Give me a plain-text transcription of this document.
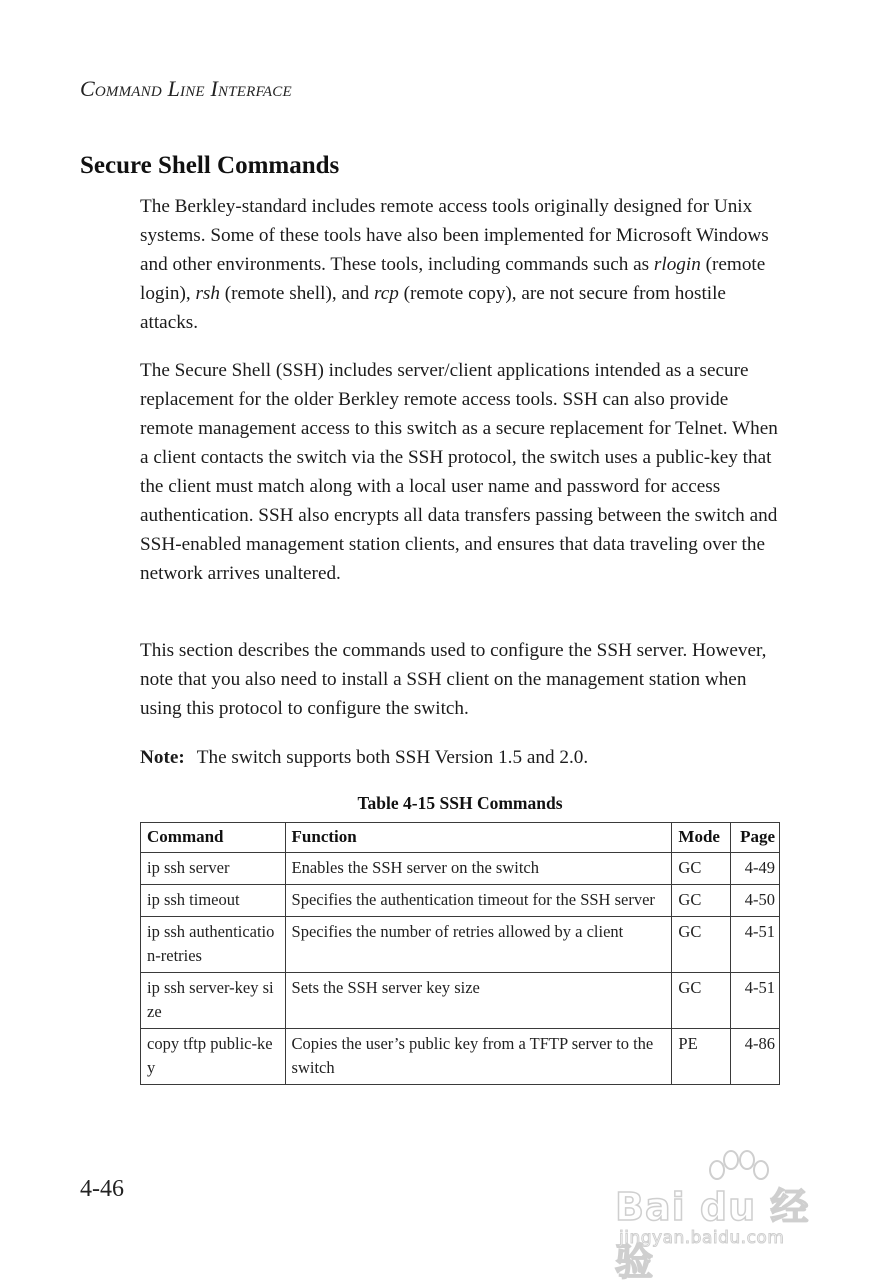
Command Line Interface
Secure Shell Commands

The Berkley-standard includes remote access tools originally designed for Unix systems. Some of these tools have also been implemented for Microsoft Windows and other environments. These tools, including commands such as rlogin (remote login), rsh (remote shell), and rcp (remote copy), are not secure from hostile attacks.

The Secure Shell (SSH) includes server/client applications intended as a secure replacement for the older Berkley remote access tools. SSH can also provide remote management access to this switch as a secure replacement for Telnet. When a client contacts the switch via the SSH protocol, the switch uses a public-key that the client must match along with a local user name and password for access authentication. SSH also encrypts all data transfers passing between the switch and SSH-enabled management station clients, and ensures that data traveling over the network arrives unaltered.

This section describes the commands used to configure the SSH server. However, note that you also need to install a SSH client on the management station when using this protocol to configure the switch.

Note: The switch supports both SSH Version 1.5 and 2.0.

Table 4-15 SSH Commands
Command	Function	Mode	Page
ip ssh server	Enables the SSH server on the switch	GC	4-49
ip ssh timeout	Specifies the authentication timeout for the SSH server	GC	4-50
ip ssh authentication-retries	Specifies the number of retries allowed by a client	GC	4-51
ip ssh server-key size	Sets the SSH server key size	GC	4-51
copy tftp public-key	Copies the user’s public key from a TFTP server to the switch	PE	4-86
4-46	Bai du 经验
jingyan.baidu.com
